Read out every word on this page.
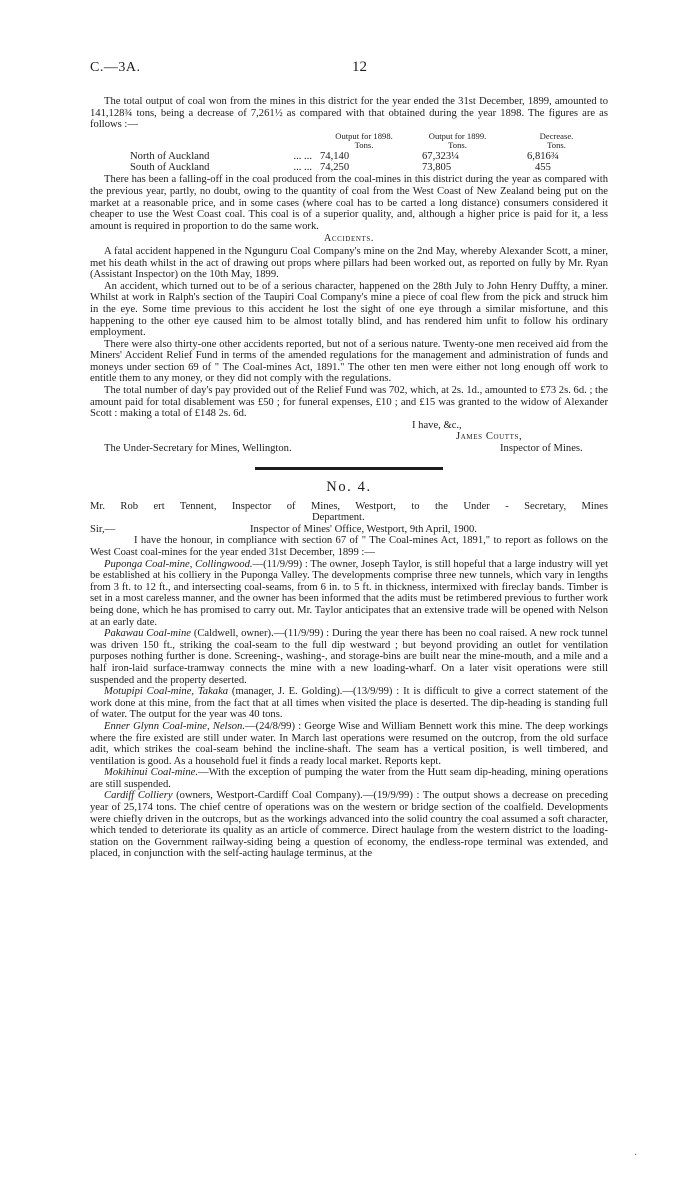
C.—3A.	12

The total output of coal won from the mines in this district for the year ended the 31st December, 1899, amounted to 141,128¾ tons, being a decrease of 7,261½ as compared with that obtained during the year 1898. The figures are as follows :—

		Output for 1898.	Output for 1899.	Decrease.
		Tons.	Tons.	Tons.
North of Auckland	... ...	74,140	67,323¼	6,816¾
South of Auckland	... ...	74,250	73,805	455

There has been a falling-off in the coal produced from the coal-mines in this district during the year as compared with the previous year, partly, no doubt, owing to the quantity of coal from the West Coast of New Zealand being put on the market at a reasonable price, and in some cases (where coal has to be carted a long distance) consumers considered it cheaper to use the West Coast coal. This coal is of a superior quality, and, although a higher price is paid for it, a less amount is required in proportion to do the same work.

Accidents.

A fatal accident happened in the Ngunguru Coal Company's mine on the 2nd May, whereby Alexander Scott, a miner, met his death whilst in the act of drawing out props where pillars had been worked out, as reported on fully by Mr. Ryan (Assistant Inspector) on the 10th May, 1899.

An accident, which turned out to be of a serious character, happened on the 28th July to John Henry Duffty, a miner. Whilst at work in Ralph's section of the Taupiri Coal Company's mine a piece of coal flew from the pick and struck him in the eye. Some time previous to this accident he lost the sight of one eye through a similar misfortune, and this happening to the other eye caused him to be almost totally blind, and has rendered him unfit to follow his ordinary employment.

There were also thirty-one other accidents reported, but not of a serious nature. Twenty-one men received aid from the Miners' Accident Relief Fund in terms of the amended regulations for the management and administration of funds and moneys under section 69 of " The Coal-mines Act, 1891." The other ten men were either not long enough off work to entitle them to any money, or they did not comply with the regulations.

The total number of day's pay provided out of the Relief Fund was 702, which, at 2s. 1d., amounted to £73 2s. 6d. ; the amount paid for total disablement was £50 ; for funeral expenses, £10 ; and £15 was granted to the widow of Alexander Scott : making a total of £148 2s. 6d.

I have, &c.,
James Coutts,
The Under-Secretary for Mines, Wellington.	Inspector of Mines.

No. 4.

Mr. Rob ert Tennent, Inspector of Mines, Westport, to the Under - Secretary, Mines

Department.

Sir,—	Inspector of Mines' Office, Westport, 9th April, 1900.

I have the honour, in compliance with section 67 of " The Coal-mines Act, 1891," to report as follows on the West Coast coal-mines for the year ended 31st December, 1899 :—

Puponga Coal-mine, Collingwood.—(11/9/99) : The owner, Joseph Taylor, is still hopeful that a large industry will yet be established at his colliery in the Puponga Valley. The developments comprise three new tunnels, which vary in lengths from 3 ft. to 12 ft., and intersecting coal-seams, from 6 in. to 5 ft. in thickness, intermixed with fireclay bands. Timber is set in a most careless manner, and the owner has been informed that the adits must be retimbered previous to further work being done, which he has promised to carry out. Mr. Taylor anticipates that an extensive trade will be opened with Nelson at an early date.

Pakawau Coal-mine (Caldwell, owner).—(11/9/99) : During the year there has been no coal raised. A new rock tunnel was driven 150 ft., striking the coal-seam to the full dip westward ; but beyond providing an outlet for ventilation purposes nothing further is done. Screening-, washing-, and storage-bins are built near the mine-mouth, and a mile and a half iron-laid surface-tramway connects the mine with a new loading-wharf. On a later visit operations were still suspended and the property deserted.

Motupipi Coal-mine, Takaka (manager, J. E. Golding).—(13/9/99) : It is difficult to give a correct statement of the work done at this mine, from the fact that at all times when visited the place is deserted. The dip-heading is standing full of water. The output for the year was 40 tons.

Enner Glynn Coal-mine, Nelson.—(24/8/99) : George Wise and William Bennett work this mine. The deep workings where the fire existed are still under water. In March last operations were resumed on the outcrop, from the old surface adit, which strikes the coal-seam behind the incline-shaft. The seam has a vertical position, is well timbered, and ventilation is good. As a household fuel it finds a ready local market. Reports kept.

Mokihinui Coal-mine.—With the exception of pumping the water from the Hutt seam dip-heading, mining operations are still suspended.

Cardiff Colliery (owners, Westport-Cardiff Coal Company).—(19/9/99) : The output shows a decrease on preceding year of 25,174 tons. The chief centre of operations was on the western or bridge section of the coalfield. Developments were chiefly driven in the outcrops, but as the workings advanced into the solid country the coal assumed a soft character, which tended to deteriorate its quality as an article of commerce. Direct haulage from the western district to the loading-station on the Government railway-siding being a question of economy, the endless-rope terminal was extended, and placed, in conjunction with the self-acting haulage terminus, at the

·
